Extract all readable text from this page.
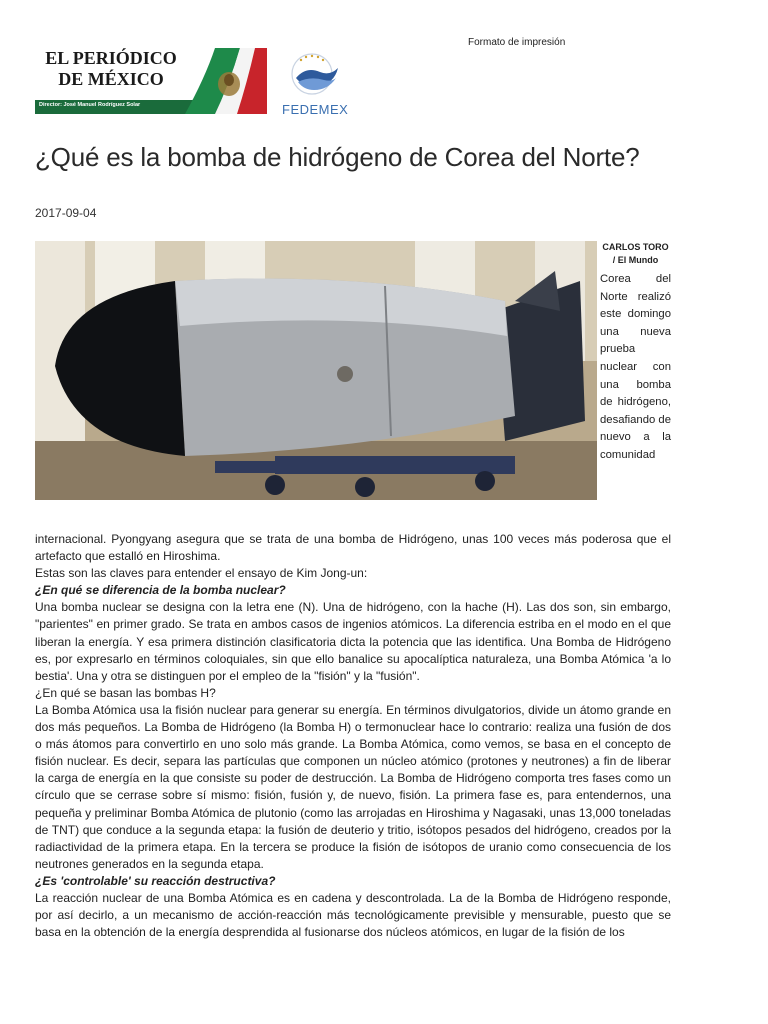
Formato de impresión
EL PERIÓDICO
DE MÉXICO
Director: José Manuel Rodríguez Solar	FEDEMEX
¿Qué es la bomba de hidrógeno de Corea del Norte?
2017-09-04
CARLOS TORO
/ El Mundo
Corea del Norte realizó este domingo una nueva prueba nuclear con una bomba de hidrógeno, desafiando de nuevo a la comunidad

internacional. Pyongyang asegura que se trata de una bomba de Hidrógeno, unas 100 veces más poderosa que el artefacto que estalló en Hiroshima.

Estas son las claves para entender el ensayo de Kim Jong-un:

¿En qué se diferencia de la bomba nuclear?

Una bomba nuclear se designa con la letra ene (N). Una de hidrógeno, con la hache (H). Las dos son, sin embargo, "parientes" en primer grado. Se trata en ambos casos de ingenios atómicos. La diferencia estriba en el modo en el que liberan la energía. Y esa primera distinción clasificatoria dicta la potencia que las identifica. Una Bomba de Hidrógeno es, por expresarlo en términos coloquiales, sin que ello banalice su apocalíptica naturaleza, una Bomba Atómica 'a lo bestia'. Una y otra se distinguen por el empleo de la "fisión" y la "fusión".

¿En qué se basan las bombas H?

La Bomba Atómica usa la fisión nuclear para generar su energía. En términos divulgatorios, divide un átomo grande en dos más pequeños. La Bomba de Hidrógeno (la Bomba H) o termonuclear hace lo contrario: realiza una fusión de dos o más átomos para convertirlo en uno solo más grande. La Bomba Atómica, como vemos, se basa en el concepto de fisión nuclear. Es decir, separa las partículas que componen un núcleo atómico (protones y neutrones) a fin de liberar la carga de energía en la que consiste su poder de destrucción. La Bomba de Hidrógeno comporta tres fases como un círculo que se cerrase sobre sí mismo: fisión, fusión y, de nuevo, fisión. La primera fase es, para entendernos, una pequeña y preliminar Bomba Atómica de plutonio (como las arrojadas en Hiroshima y Nagasaki, unas 13,000 toneladas de TNT) que conduce a la segunda etapa: la fusión de deuterio y tritio, isótopos pesados del hidrógeno, creados por la radiactividad de la primera etapa. En la tercera se produce la fisión de isótopos de uranio como consecuencia de los neutrones generados en la segunda etapa.

¿Es 'controlable' su reacción destructiva?

La reacción nuclear de una Bomba Atómica es en cadena y descontrolada. La de la Bomba de Hidrógeno responde, por así decirlo, a un mecanismo de acción-reacción más tecnológicamente previsible y mensurable, puesto que se basa en la obtención de la energía desprendida al fusionarse dos núcleos atómicos, en lugar de la fisión de los
